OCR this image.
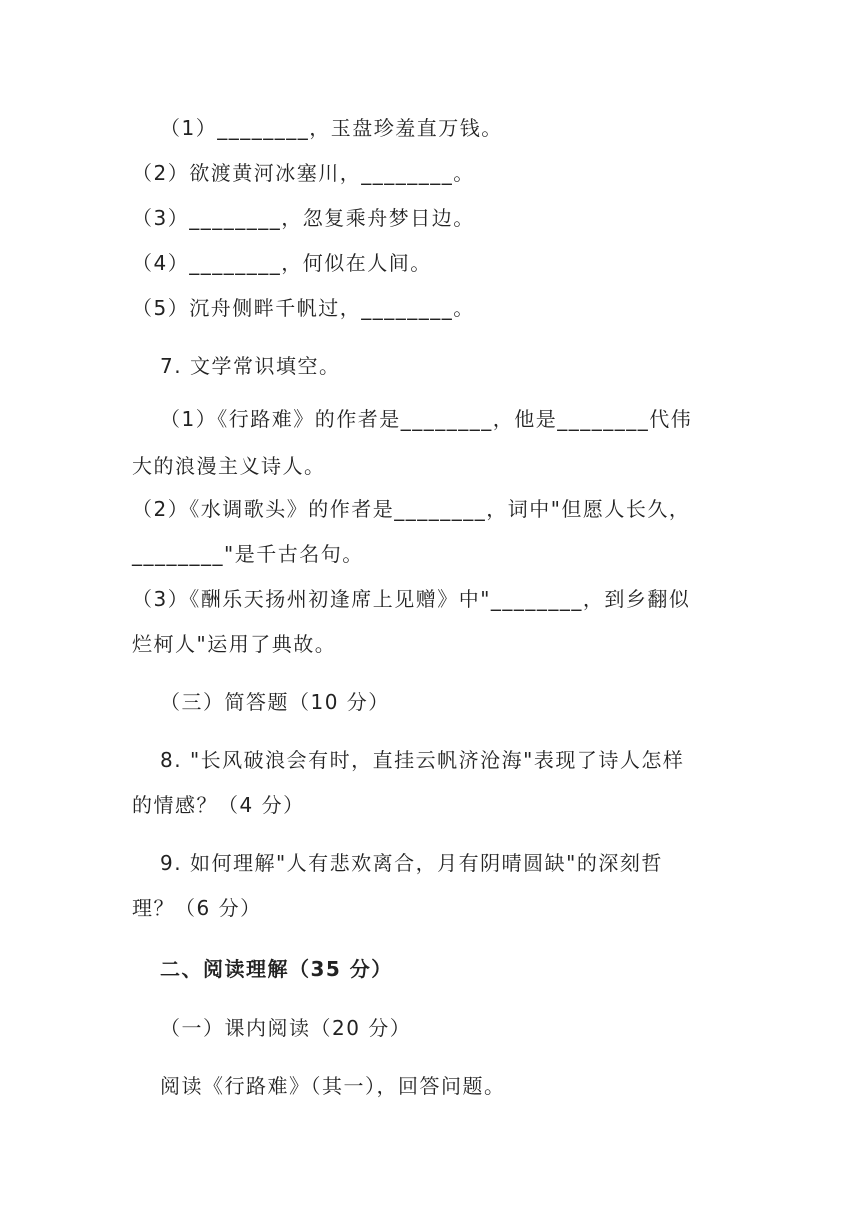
（1）________，玉盘珍羞直万钱。
（2）欲渡黄河冰塞川，________。
（3）________，忽复乘舟梦日边。
（4）________，何似在人间。
（5）沉舟侧畔千帆过，________。
7. 文学常识填空。
（1）《行路难》的作者是________，他是________代伟
大的浪漫主义诗人。
（2）《水调歌头》的作者是________，词中"但愿人长久，
________"是千古名句。
（3）《酬乐天扬州初逢席上见赠》中"________，到乡翻似
烂柯人"运用了典故。
（三）简答题（10 分）
8. "长风破浪会有时，直挂云帆济沧海"表现了诗人怎样
的情感？（4 分）
9. 如何理解"人有悲欢离合，月有阴晴圆缺"的深刻哲
理？（6 分）
二、阅读理解（35 分）
（一）课内阅读（20 分）
阅读《行路难》（其一），回答问题。
